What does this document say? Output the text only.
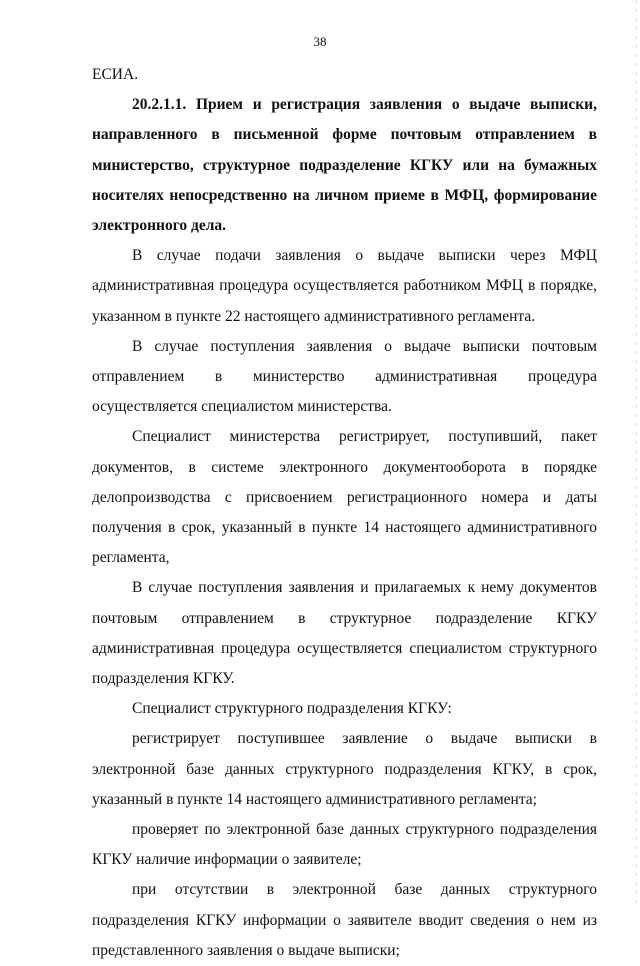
38

ЕСИА.

20.2.1.1. Прием и регистрация заявления о выдаче выписки, направленного в письменной форме почтовым отправлением в министерство, структурное подразделение КГКУ или на бумажных носителях непосредственно на личном приеме в МФЦ, формирование электронного дела.

В случае подачи заявления о выдаче выписки через МФЦ административная процедура осуществляется работником МФЦ в порядке, указанном в пункте 22 настоящего административного регламента.

В случае поступления заявления о выдаче выписки почтовым отправлением в министерство административная процедура осуществляется специалистом министерства.

Специалист министерства регистрирует, поступивший, пакет документов, в системе электронного документооборота в порядке делопроизводства с присвоением регистрационного номера и даты получения в срок, указанный в пункте 14 настоящего административного регламента,

В случае поступления заявления и прилагаемых к нему документов почтовым отправлением в структурное подразделение КГКУ административная процедура осуществляется специалистом структурного подразделения КГКУ.

Специалист структурного подразделения КГКУ:

регистрирует поступившее заявление о выдаче выписки в электронной базе данных структурного подразделения КГКУ, в срок, указанный в пункте 14 настоящего административного регламента;

проверяет по электронной базе данных структурного подразделения КГКУ наличие информации о заявителе;

при отсутствии в электронной базе данных структурного подразделения КГКУ информации о заявителе вводит сведения о нем из представленного заявления о выдаче выписки;
